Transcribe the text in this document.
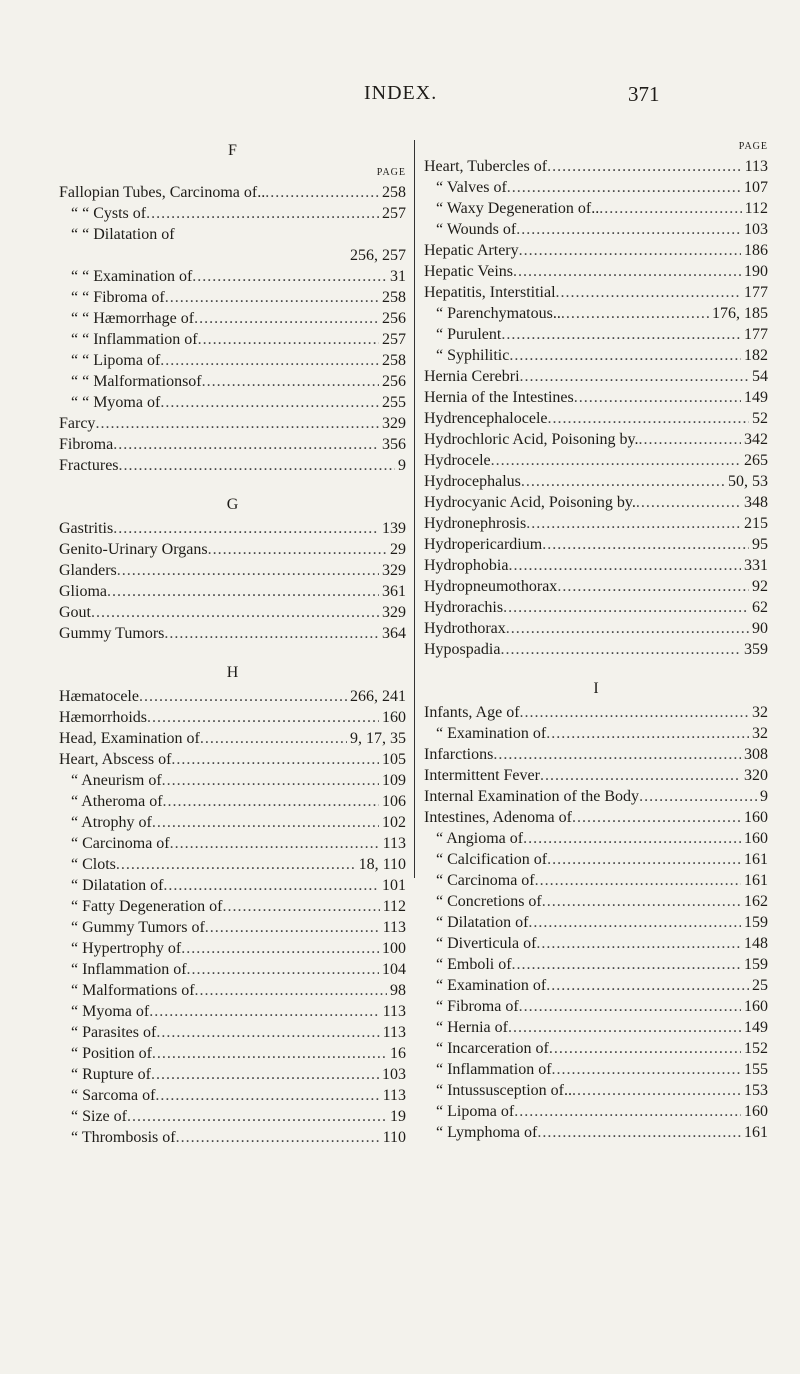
INDEX.	371
F
PAGE
Fallopian Tubes, Carcinoma of.. .....	258
“ “ Cysts of .....	257
“ “ Dilatation of
256, 257
“ “ Examination of .....	31
“ “ Fibroma of .....	258
“ “ Hæmorrhage of .....	256
“ “ Inflammation of .....	257
“ “ Lipoma of .....	258
“ “ Malformationsof .....	256
“ “ Myoma of .....	255
Farcy .....	329
Fibroma .....	356
Fractures .....	9
G
Gastritis .....	139
Genito-Urinary Organs .....	29
Glanders .....	329
Glioma .....	361
Gout .....	329
Gummy Tumors .....	364
H
Hæmatocele .....	266, 241
Hæmorrhoids .....	160
Head, Examination of .....	9, 17, 35
Heart, Abscess of .....	105
“ Aneurism of .....	109
“ Atheroma of .....	106
“ Atrophy of .....	102
“ Carcinoma of .....	113
“ Clots .....	18, 110
“ Dilatation of .....	101
“ Fatty Degeneration of .....	112
“ Gummy Tumors of .....	113
“ Hypertrophy of .....	100
“ Inflammation of .....	104
“ Malformations of .....	98
“ Myoma of .....	113
“ Parasites of .....	113
“ Position of .....	16
“ Rupture of .....	103
“ Sarcoma of .....	113
“ Size of .....	19
“ Thrombosis of .....	110
PAGE
Heart, Tubercles of .....	113
“ Valves of .....	107
“ Waxy Degeneration of.. .....	112
“ Wounds of .....	103
Hepatic Artery .....	186
Hepatic Veins .....	190
Hepatitis, Interstitial .....	177
“ Parenchymatous.. .....	176, 185
“ Purulent .....	177
“ Syphilitic .....	182
Hernia Cerebri .....	54
Hernia of the Intestines .....	149
Hydrencephalocele .....	52
Hydrochloric Acid, Poisoning by. .....	342
Hydrocele .....	265
Hydrocephalus .....	50, 53
Hydrocyanic Acid, Poisoning by. .....	348
Hydronephrosis .....	215
Hydropericardium .....	95
Hydrophobia .....	331
Hydropneumothorax .....	92
Hydrorachis .....	62
Hydrothorax .....	90
Hypospadia .....	359
I
Infants, Age of .....	32
“ Examination of .....	32
Infarctions .....	308
Intermittent Fever .....	320
Internal Examination of the Body .....	9
Intestines, Adenoma of .....	160
“ Angioma of .....	160
“ Calcification of .....	161
“ Carcinoma of .....	161
“ Concretions of .....	162
“ Dilatation of .....	159
“ Diverticula of .....	148
“ Emboli of .....	159
“ Examination of .....	25
“ Fibroma of .....	160
“ Hernia of .....	149
“ Incarceration of .....	152
“ Inflammation of .....	155
“ Intussusception of.. .....	153
“ Lipoma of .....	160
“ Lymphoma of .....	161
